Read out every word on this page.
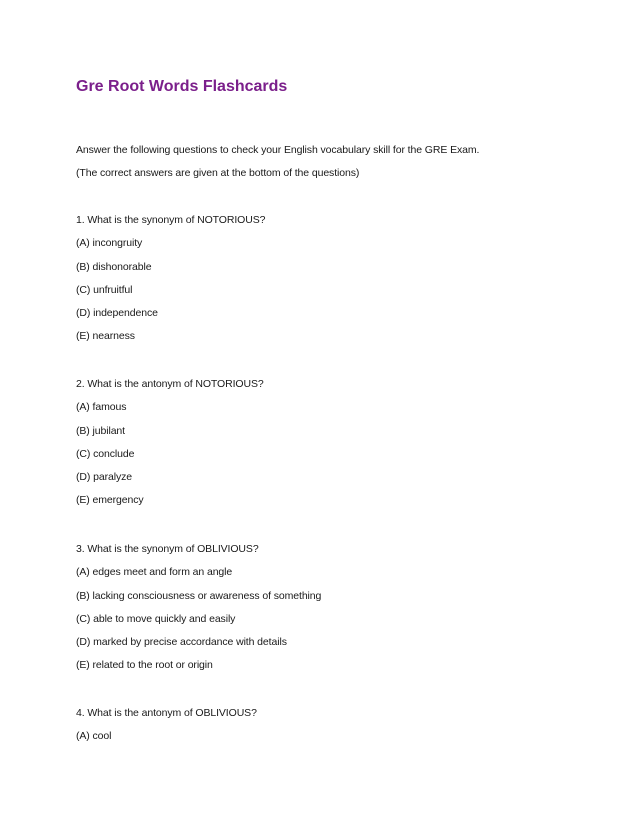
Gre Root Words Flashcards
Answer the following questions to check your English vocabulary skill for the GRE Exam.
(The correct answers are given at the bottom of the questions)
1. What is the synonym of NOTORIOUS?
(A) incongruity
(B) dishonorable
(C) unfruitful
(D) independence
(E) nearness
2. What is the antonym of NOTORIOUS?
(A) famous
(B) jubilant
(C) conclude
(D) paralyze
(E) emergency
3. What is the synonym of OBLIVIOUS?
(A) edges meet and form an angle
(B) lacking consciousness or awareness of something
(C) able to move quickly and easily
(D) marked by precise accordance with details
(E) related to the root or origin
4. What is the antonym of OBLIVIOUS?
(A) cool
